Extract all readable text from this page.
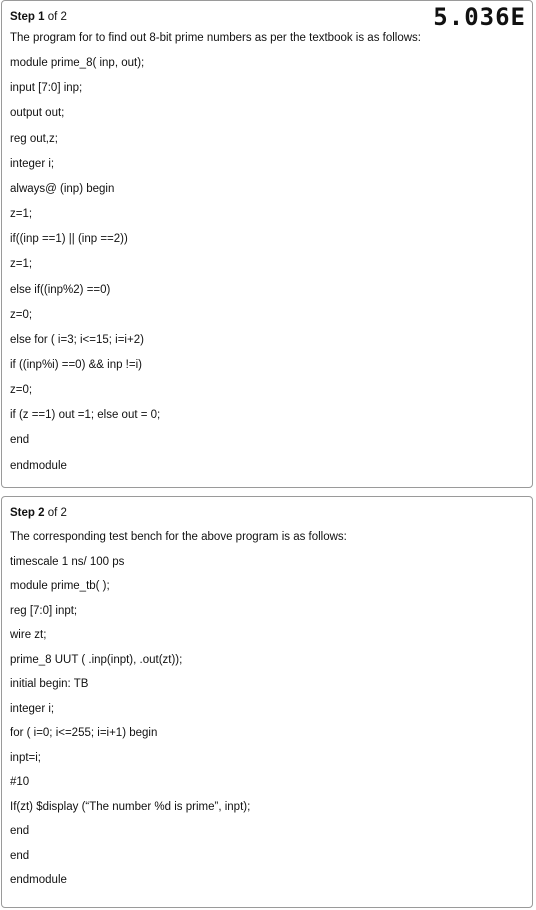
Step 1 of 2	5.036E
The program for to find out 8-bit prime numbers as per the textbook is as follows:
module prime_8( inp, out);
input [7:0] inp;
output out;
reg out,z;
integer i;
always@ (inp) begin
z=1;
if((inp ==1) || (inp ==2))
z=1;
else if((inp%2) ==0)
z=0;
else for ( i=3; i<=15; i=i+2)
if ((inp%i) ==0) && inp !=i)
z=0;
if (z ==1) out =1; else out = 0;
end
endmodule
Step 2 of 2
The corresponding test bench for the above program is as follows:
timescale 1 ns/ 100 ps
module prime_tb( );
reg [7:0] inpt;
wire zt;
prime_8 UUT ( .inp(inpt), .out(zt));
initial begin: TB
integer i;
for ( i=0; i<=255; i=i+1) begin
inpt=i;
#10
If(zt) $display (“The number %d is prime”, inpt);
end
end
endmodule
